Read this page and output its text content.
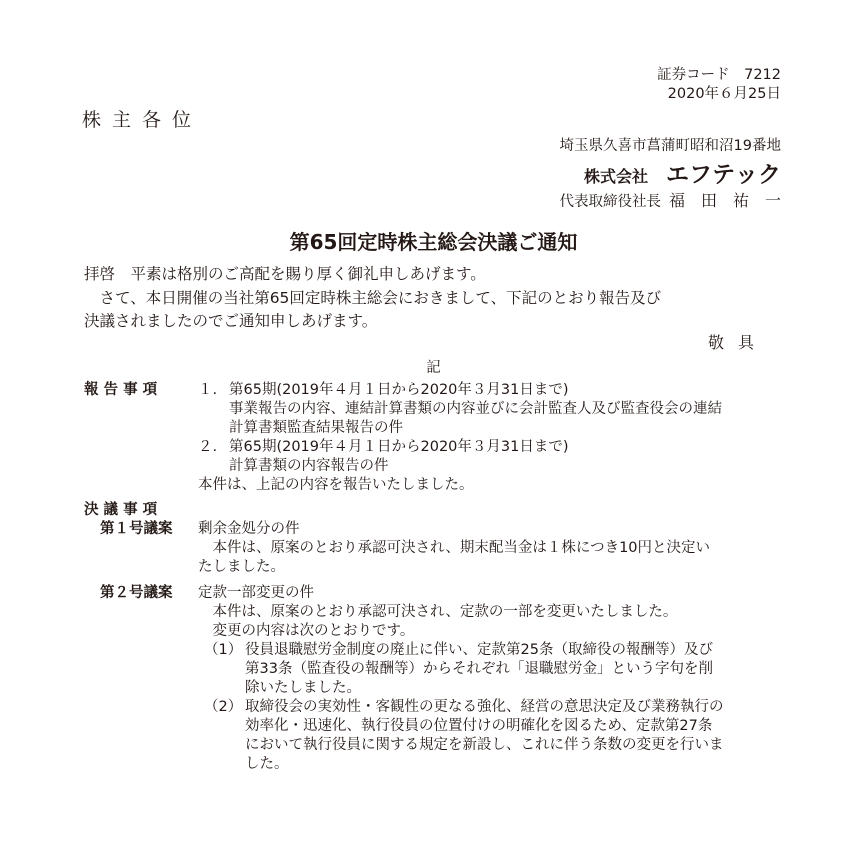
証券コード　7212
2020年６月25日
株主各位
埼玉県久喜市菖蒲町昭和沼19番地
株式会社 エフテック
代表取締役社長 福田祐一
第65回定時株主総会決議ご通知
拝啓　平素は格別のご高配を賜り厚く御礼申しあげます。
　さて、本日開催の当社第65回定時株主総会におきまして、下記のとおり報告及び
決議されましたのでご通知申しあげます。
敬具
記
報 告 事 項	１. 第65期(2019年４月１日から2020年３月31日まで)
事業報告の内容、連結計算書類の内容並びに会計監査人及び監査役会の連結
計算書類監査結果報告の件
２. 第65期(2019年４月１日から2020年３月31日まで)
計算書類の内容報告の件
本件は、上記の内容を報告いたしました。
決 議 事 項
第１号議案 剰余金処分の件
　本件は、原案のとおり承認可決され、期末配当金は１株につき10円と決定い
たしました。
第２号議案 定款一部変更の件
　本件は、原案のとおり承認可決され、定款の一部を変更いたしました。
　変更の内容は次のとおりです。
（1） 役員退職慰労金制度の廃止に伴い、定款第25条（取締役の報酬等）及び
第33条（監査役の報酬等）からそれぞれ「退職慰労金」という字句を削
除いたしました。
（2） 取締役会の実効性・客観性の更なる強化、経営の意思決定及び業務執行の
効率化・迅速化、執行役員の位置付けの明確化を図るため、定款第27条
において執行役員に関する規定を新設し、これに伴う条数の変更を行いま
した。
